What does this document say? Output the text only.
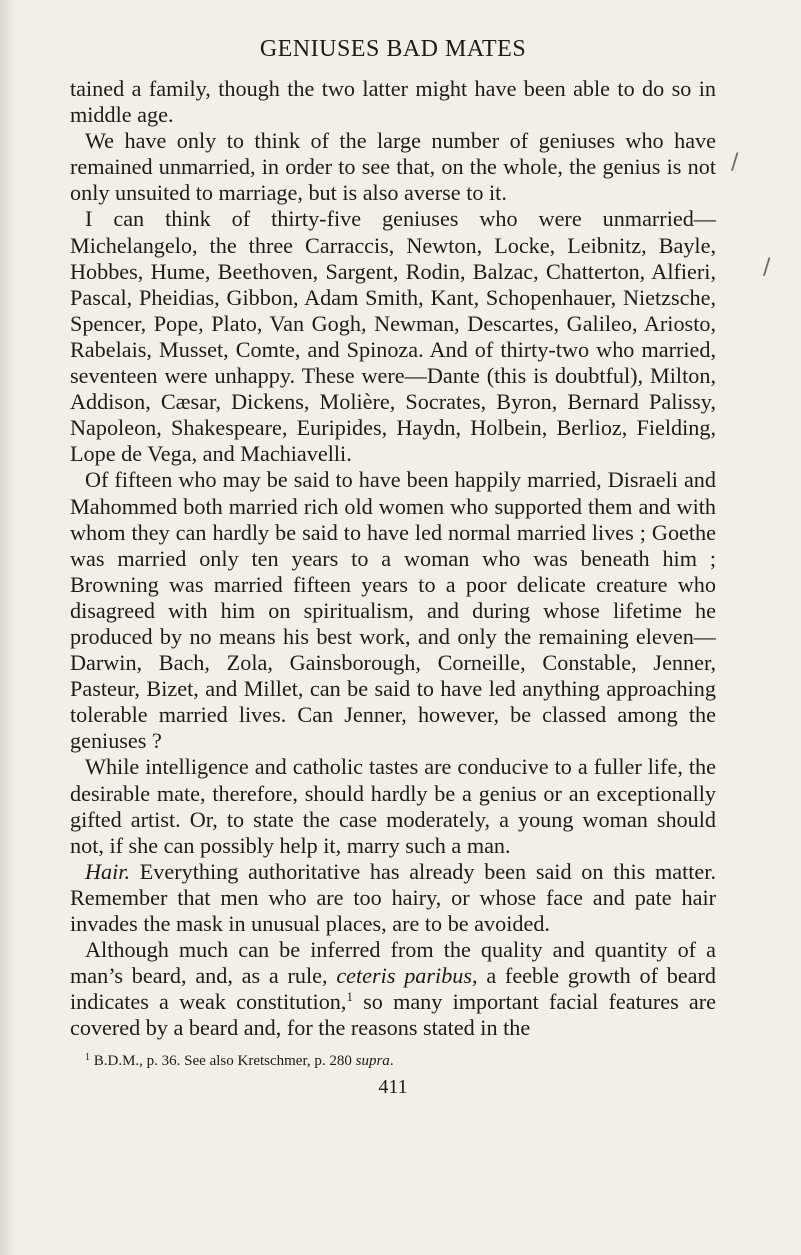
/
/
GENIUSES BAD MATES

tained a family, though the two latter might have been able to do so in middle age.

We have only to think of the large number of geniuses who have remained unmarried, in order to see that, on the whole, the genius is not only unsuited to marriage, but is also averse to it.

I can think of thirty-five geniuses who were unmarried—Michelangelo, the three Carraccis, Newton, Locke, Leibnitz, Bayle, Hobbes, Hume, Beethoven, Sargent, Rodin, Balzac, Chatterton, Alfieri, Pascal, Pheidias, Gibbon, Adam Smith, Kant, Schopenhauer, Nietzsche, Spencer, Pope, Plato, Van Gogh, Newman, Descartes, Galileo, Ariosto, Rabelais, Musset, Comte, and Spinoza. And of thirty-two who married, seventeen were unhappy. These were—Dante (this is doubtful), Milton, Addison, Cæsar, Dickens, Molière, Socrates, Byron, Bernard Palissy, Napoleon, Shakespeare, Euripides, Haydn, Holbein, Berlioz, Fielding, Lope de Vega, and Machiavelli.

Of fifteen who may be said to have been happily married, Disraeli and Mahommed both married rich old women who supported them and with whom they can hardly be said to have led normal married lives ; Goethe was married only ten years to a woman who was beneath him ; Browning was married fifteen years to a poor delicate creature who disagreed with him on spiritualism, and during whose lifetime he produced by no means his best work, and only the remaining eleven—Darwin, Bach, Zola, Gainsborough, Corneille, Constable, Jenner, Pasteur, Bizet, and Millet, can be said to have led anything approaching tolerable married lives. Can Jenner, however, be classed among the geniuses ?

While intelligence and catholic tastes are conducive to a fuller life, the desirable mate, therefore, should hardly be a genius or an exceptionally gifted artist. Or, to state the case moderately, a young woman should not, if she can possibly help it, marry such a man.

Hair. Everything authoritative has already been said on this matter. Remember that men who are too hairy, or whose face and pate hair invades the mask in unusual places, are to be avoided.

Although much can be inferred from the quality and quantity of a man’s beard, and, as a rule, ceteris paribus, a feeble growth of beard indicates a weak constitution,$^1$ so many important facial features are covered by a beard and, for the reasons stated in the

$^1$ B.D.M., p. 36. See also Kretschmer, p. 280 supra.

411
